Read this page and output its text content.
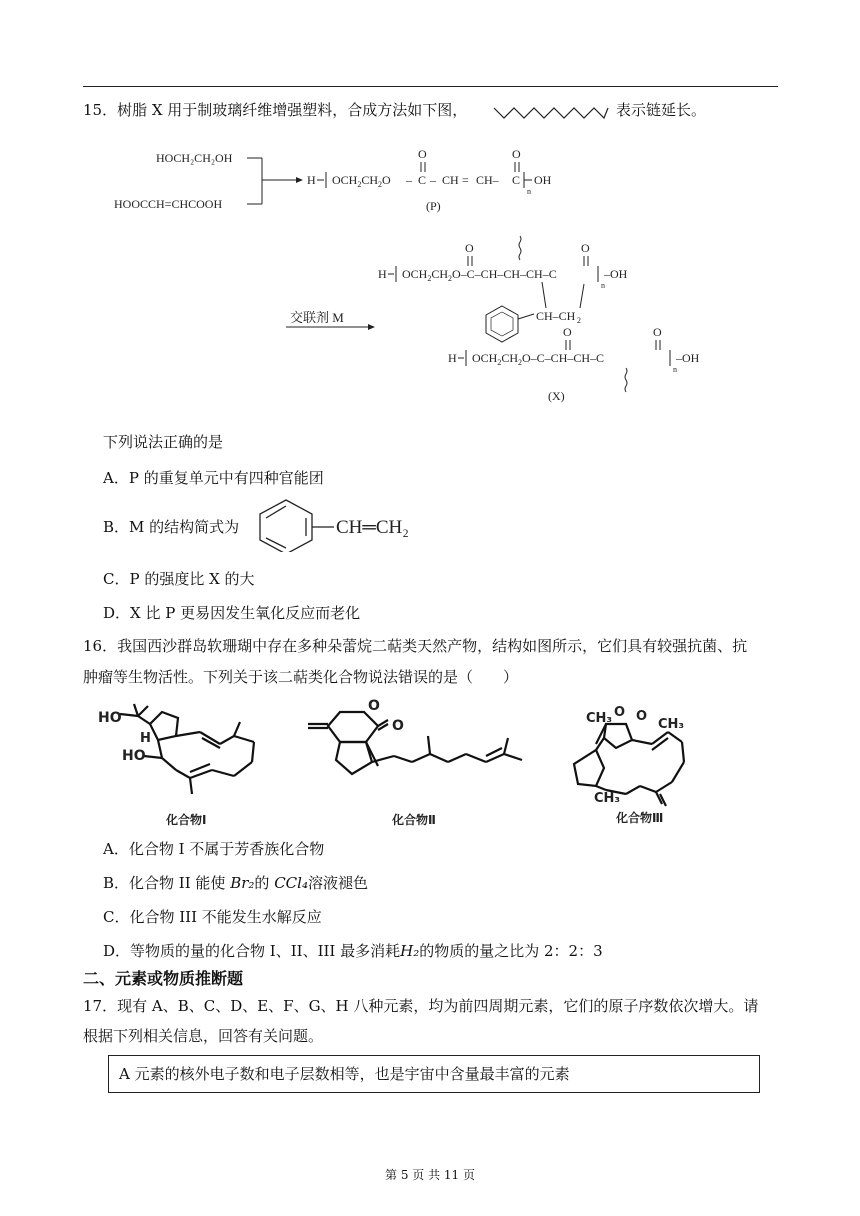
15．树脂 X 用于制玻璃纤维增强塑料，合成方法如下图，	表示链延长。
HOCH₂CH₂OH
HOOCCH=CHCOOH
H $OCH_2CH_2O$ – C
O
– CH = CH– C
O
n
OH
(P)
H $OCH_2CH_2O-C-CH-CH-CH-C$
O	O
n
–OH
交联剂 M	CH–CH 2
H $OCH_2CH_2O-C-CH-CH-C$
O	O
n
–OH
(X)
下列说法正确的是
A．P 的重复单元中有四种官能团
B．M 的结构简式为	CH═CH₂
C．P 的强度比 X 的大
D．X 比 P 更易因发生氧化反应而老化
16．我国西沙群岛软珊瑚中存在多种朵蕾烷二萜类天然产物，结构如图所示，它们具有较强抗菌、抗
肿瘤等生物活性。下列关于该二萜类化合物说法错误的是（　　）
HO
H
HO
化合物Ⅰ
O
O
化合物Ⅱ
CH₃ O O
CH₃
CH₃
化合物Ⅲ
A．化合物 I 不属于芳香族化合物
B．化合物 II 能使 Br₂的 CCl₄溶液褪色
C．化合物 III 不能发生水解反应
D．等物质的量的化合物 I、II、III 最多消耗H₂的物质的量之比为 2：2：3
二、元素或物质推断题
17．现有 A、B、C、D、E、F、G、H 八种元素，均为前四周期元素，它们的原子序数依次增大。请
根据下列相关信息，回答有关问题。
A 元素的核外电子数和电子层数相等，也是宇宙中含量最丰富的元素
第 5 页 共 11 页
